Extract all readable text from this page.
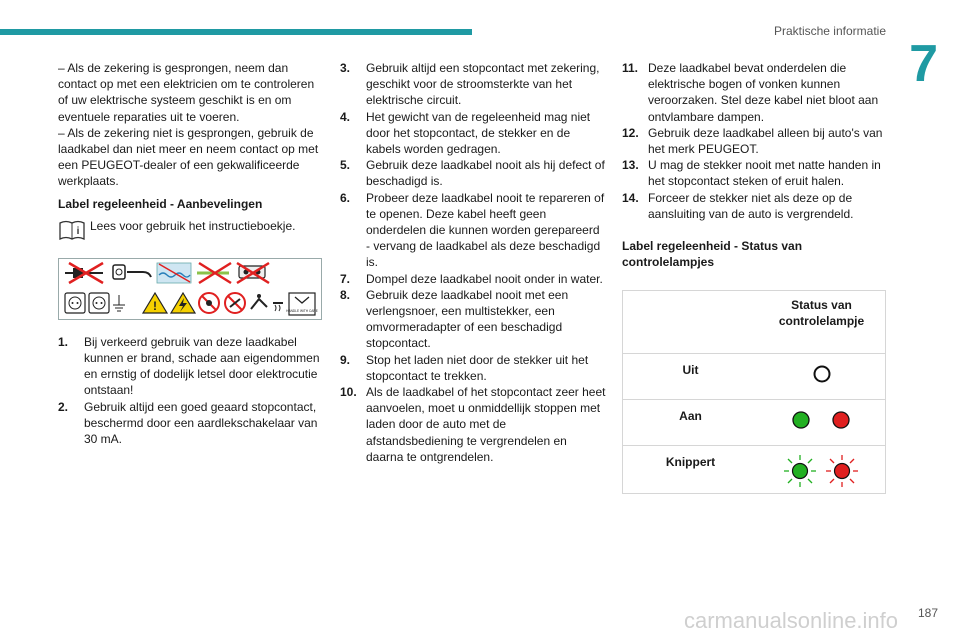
Praktische informatie
7

– Als de zekering is gesprongen, neem dan contact op met een elektricien om te controleren of uw elektrische systeem geschikt is en om eventuele reparaties uit te voeren.

– Als de zekering niet is gesprongen, gebruik de laadkabel dan niet meer en neem contact op met een PEUGEOT-dealer of een gekwalificeerde werkplaats.

Label regeleenheid - Aanbevelingen
i Lees voor gebruik het instructieboekje.
!	HANDLE WITH CARE
1. Bij verkeerd gebruik van deze laadkabel kunnen er brand, schade aan eigendommen en ernstig of dodelijk letsel door elektrocutie ontstaan!
2. Gebruik altijd een goed geaard stopcontact, beschermd door een aardlekschakelaar van 30 mA.
3. Gebruik altijd een stopcontact met zekering, geschikt voor de stroomsterkte van het elektrische circuit.
4. Het gewicht van de regeleenheid mag niet door het stopcontact, de stekker en de kabels worden gedragen.
5. Gebruik deze laadkabel nooit als hij defect of beschadigd is.
6. Probeer deze laadkabel nooit te repareren of te openen. Deze kabel heeft geen onderdelen die kunnen worden gerepareerd - vervang de laadkabel als deze beschadigd is.
7. Dompel deze laadkabel nooit onder in water.
8. Gebruik deze laadkabel nooit met een verlengsnoer, een multistekker, een omvormeradapter of een beschadigd stopcontact.
9. Stop het laden niet door de stekker uit het stopcontact te trekken.
10. Als de laadkabel of het stopcontact zeer heet aanvoelen, moet u onmiddellijk stoppen met laden door de auto met de afstandsbediening te vergrendelen en daarna te ontgrendelen.
11. Deze laadkabel bevat onderdelen die elektrische bogen of vonken kunnen veroorzaken. Stel deze kabel niet bloot aan ontvlambare dampen.
12. Gebruik deze laadkabel alleen bij auto's van het merk PEUGEOT.
13. U mag de stekker nooit met natte handen in het stopcontact steken of eruit halen.
14. Forceer de stekker niet als deze op de aansluiting van de auto is vergrendeld.
Label regeleenheid - Status van controlelampjes
	Status van controlelampje
Uit	
Aan	
Knippert	
carmanualsonline.info 187
